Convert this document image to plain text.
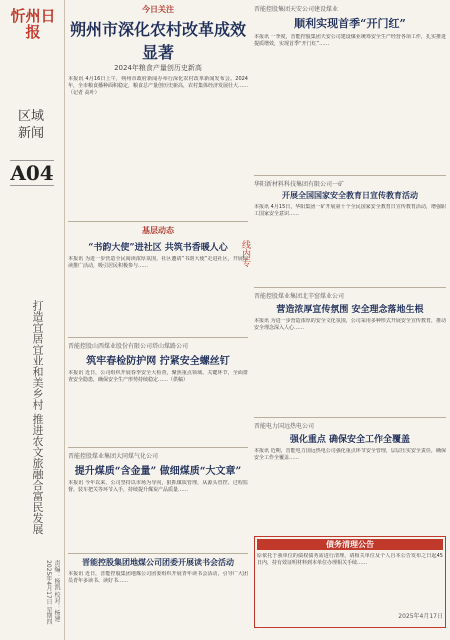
忻州日报
区域新闻
A04
打造宜居宜业和美乡村 推进农文旅融合富民发展
责编：杨凯 校对：杨建 2025年4月17日 星期四
今日关注
朔州市深化农村改革成效显著
2024年粮食产量创历史新高
本报讯 4月16日上午，朔州市政府新闻办举行深化农村改革新闻发布会。2024年，全市粮食播种面积稳定，粮食总产量创历史新高，农村集体经济发展壮大……（记者 高叶）
基层动态
“书韵大使”进社区 共筑书香暖人心
本报讯 为进一步营造全民阅读浓厚氛围，社区邀请“书韵大使”走进社区，开展阅读推广活动，吸引居民积极参与……
晋能控股山西煤业股份有限公司塔山煤路公司
筑牢春检防护网 拧紧安全螺丝钉
本报讯 近日，公司组织开展春季安全大检查，聚焦重点领域、关键环节，全面排查安全隐患，确保安全生产形势持续稳定……（供稿）
晋能控股煤业集团大同煤气化公司
提升煤质“含金量” 做细煤质“大文章”
本报讯 今年以来，公司坚持以市场为导向，狠抓煤质管理，从源头管控、过程监督、装车把关等环节入手，持续提升煤炭产品质量……
晋能控股集团地煤公司团委开展读书会活动
本报讯 近日，晋能控股集团地煤公司团委组织开展青年读书会活动，引导广大团员青年多读书、读好书……
线内专
晋能控股集团天安公司建设煤业
顺利实现首季“开门红”
本报讯 一季度，晋能控股集团天安公司建设煤业统筹安全生产经营各项工作，扎实推进提质增效，实现首季“开门红”……
华阳新材料科技集团有限公司一矿
开展全国国家安全教育日宣传教育活动
本报讯 4月15日，华阳集团一矿开展第十个全民国家安全教育日宣传教育活动，增强职工国家安全意识……
晋能控股煤业集团北辛窑煤业公司
营造浓厚宣传氛围 安全理念落地生根
本报讯 为进一步营造浓厚的安全文化氛围，公司采用多种形式开展安全宣传教育，推动安全理念深入人心……
晋能电力国远热电公司
强化重点 确保安全工作全覆盖
本报讯 近期，晋能电力国远热电公司强化重点环节安全管理，层层压实安全责任，确保安全工作全覆盖……
债务清理公告
原依托于我单位的债权债务需进行清理，请相关单位及个人自本公告发布之日起45日内，持有效证明材料到本单位办理相关手续……
2025年4月17日
